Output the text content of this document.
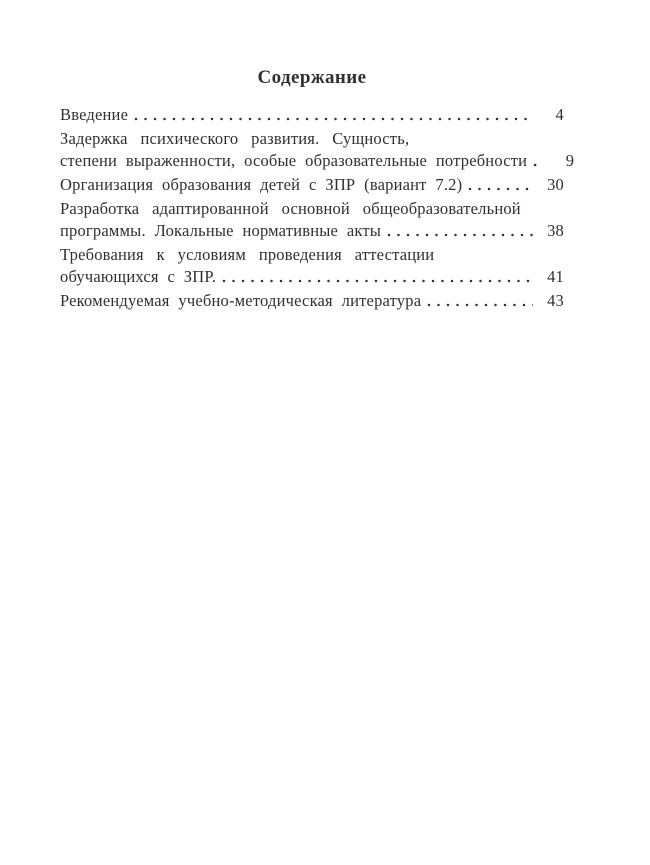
Содержание
Введение	4
Задержка психического развития. Сущность,
степени выраженности, особые образовательные потребности	9
Организация образования детей с ЗПР (вариант 7.2)	30
Разработка адаптированной основной общеобразовательной
программы. Локальные нормативные акты	38
Требования к условиям проведения аттестации
обучающихся с ЗПР.	41
Рекомендуемая учебно-методическая литература	43
